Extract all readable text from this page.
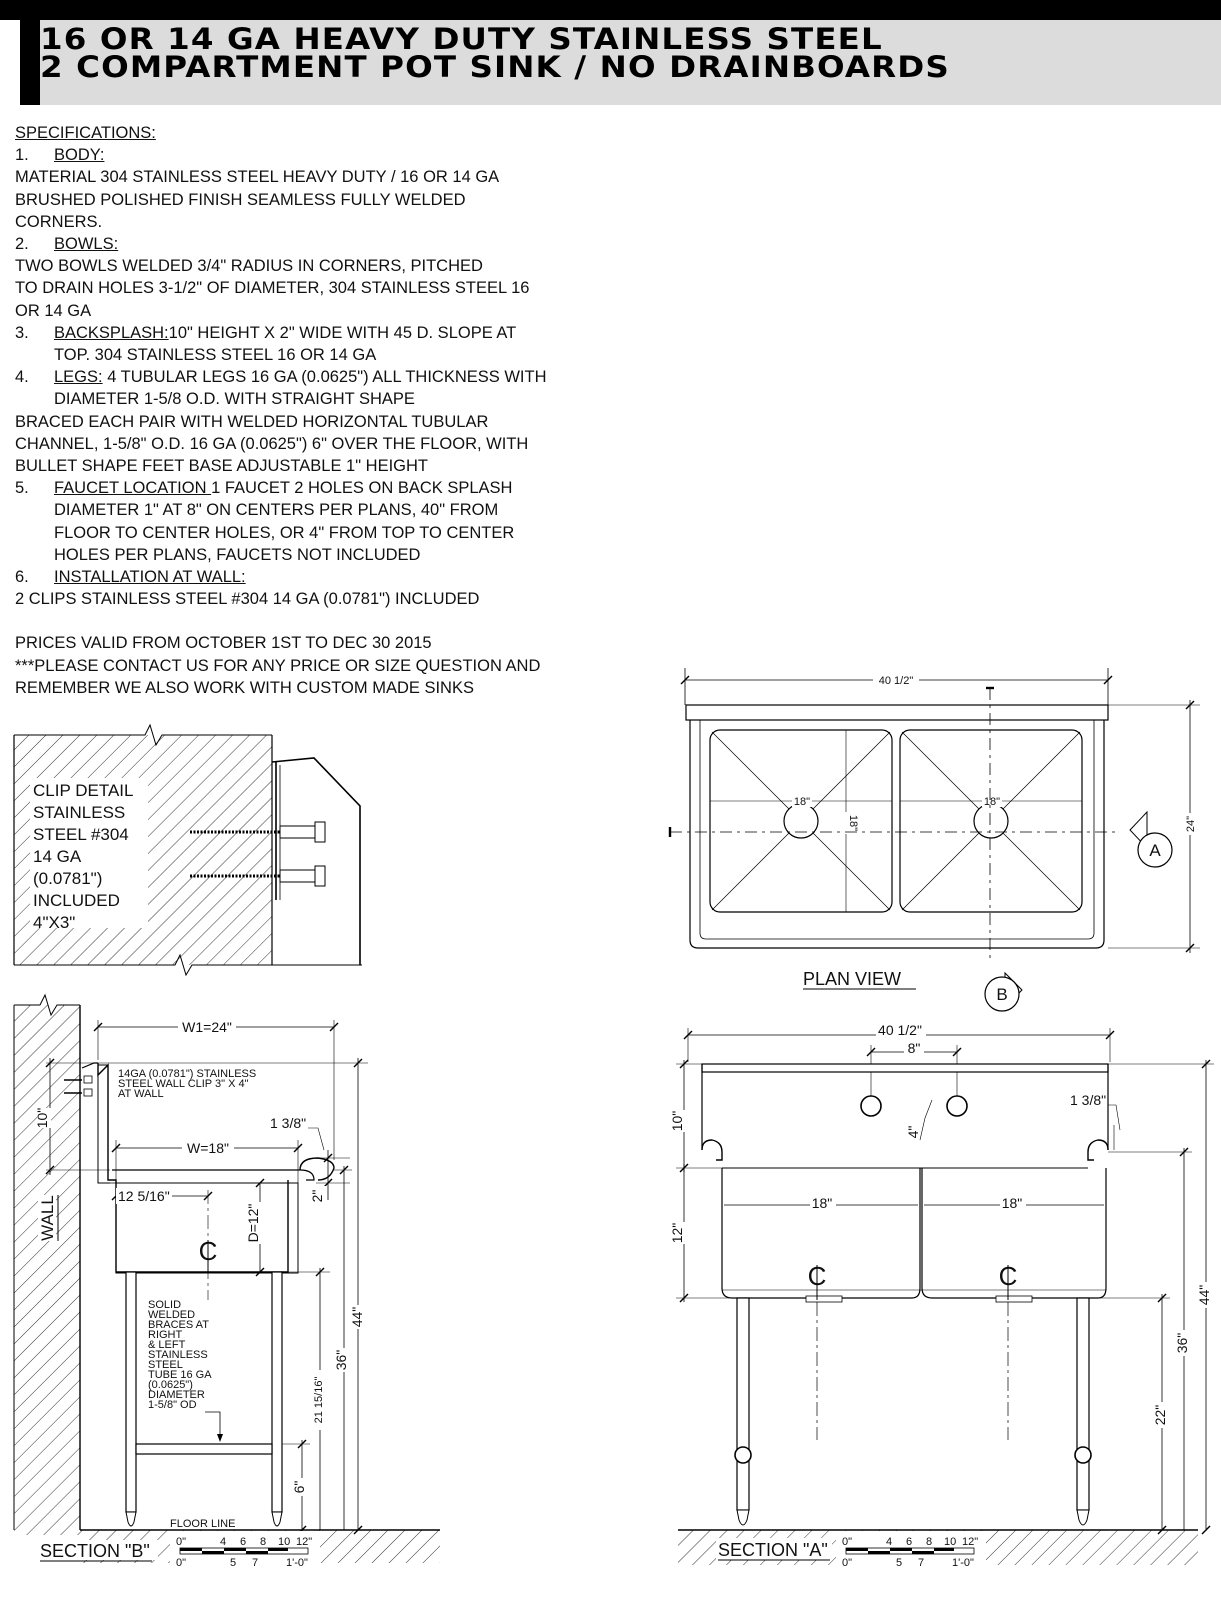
16 OR 14 GA HEAVY DUTY STAINLESS STEEL
2 COMPARTMENT POT SINK / NO DRAINBOARDS
SPECIFICATIONS:
1. BODY:
MATERIAL 304 STAINLESS STEEL HEAVY DUTY / 16 OR 14 GA
BRUSHED POLISHED FINISH SEAMLESS FULLY WELDED
CORNERS.
2. BOWLS:
TWO BOWLS WELDED 3/4" RADIUS IN CORNERS, PITCHED
TO DRAIN HOLES 3-1/2" OF DIAMETER, 304 STAINLESS STEEL 16
OR 14 GA
3. BACKSPLASH:10" HEIGHT X 2" WIDE WITH 45 D. SLOPE AT
TOP. 304 STAINLESS STEEL 16 OR 14 GA
4. LEGS: 4 TUBULAR LEGS 16 GA (0.0625") ALL THICKNESS WITH
DIAMETER 1-5/8 O.D. WITH STRAIGHT SHAPE
BRACED EACH PAIR WITH WELDED HORIZONTAL TUBULAR
CHANNEL, 1-5/8" O.D. 16 GA (0.0625") 6" OVER THE FLOOR, WITH
BULLET SHAPE FEET BASE ADJUSTABLE 1" HEIGHT
5. FAUCET LOCATION 1 FAUCET 2 HOLES ON BACK SPLASH
DIAMETER 1" AT 8" ON CENTERS PER PLANS, 40" FROM
FLOOR TO CENTER HOLES, OR 4" FROM TOP TO CENTER
HOLES PER PLANS, FAUCETS NOT INCLUDED
6. INSTALLATION AT WALL:
2 CLIPS STAINLESS STEEL #304 14 GA (0.0781") INCLUDED
PRICES VALID FROM OCTOBER 1ST TO DEC 30 2015
***PLEASE CONTACT US FOR ANY PRICE OR SIZE QUESTION AND
REMEMBER WE ALSO WORK WITH CUSTOM MADE SINKS
CLIP DETAIL
STAINLESS
STEEL #304
14 GA
(0.0781")
INCLUDED
4"X3"
40 1/2"
18"	18"
18"	24"
A
B
PLAN VIEW
WALL
SOLID
WELDED
BRACES AT
RIGHT
& LEFT
STAINLESS
STEEL
TUBE 16 GA
(0.0625")
DIAMETER
1-5/8" OD
W1=24"
14GA (0.0781") STAINLESS
STEEL WALL CLIP 3" X 4"
AT WALL
10"
W=18"
1 3/8"
2"
12 5/16"
C
D=12"
21 15/16"
6"
36"
44"
FLOOR LINE
SECTION "B"
40 1/2"
8"
4"
18"	18"
C	C
10"
12"
1 3/8"
22"
36"
44"
SECTION "A"
0"	4 6 8 10 12"
0"	5 7	1'-0"
0"	4 6 8 10 12"
0"	5 7	1'-0"
